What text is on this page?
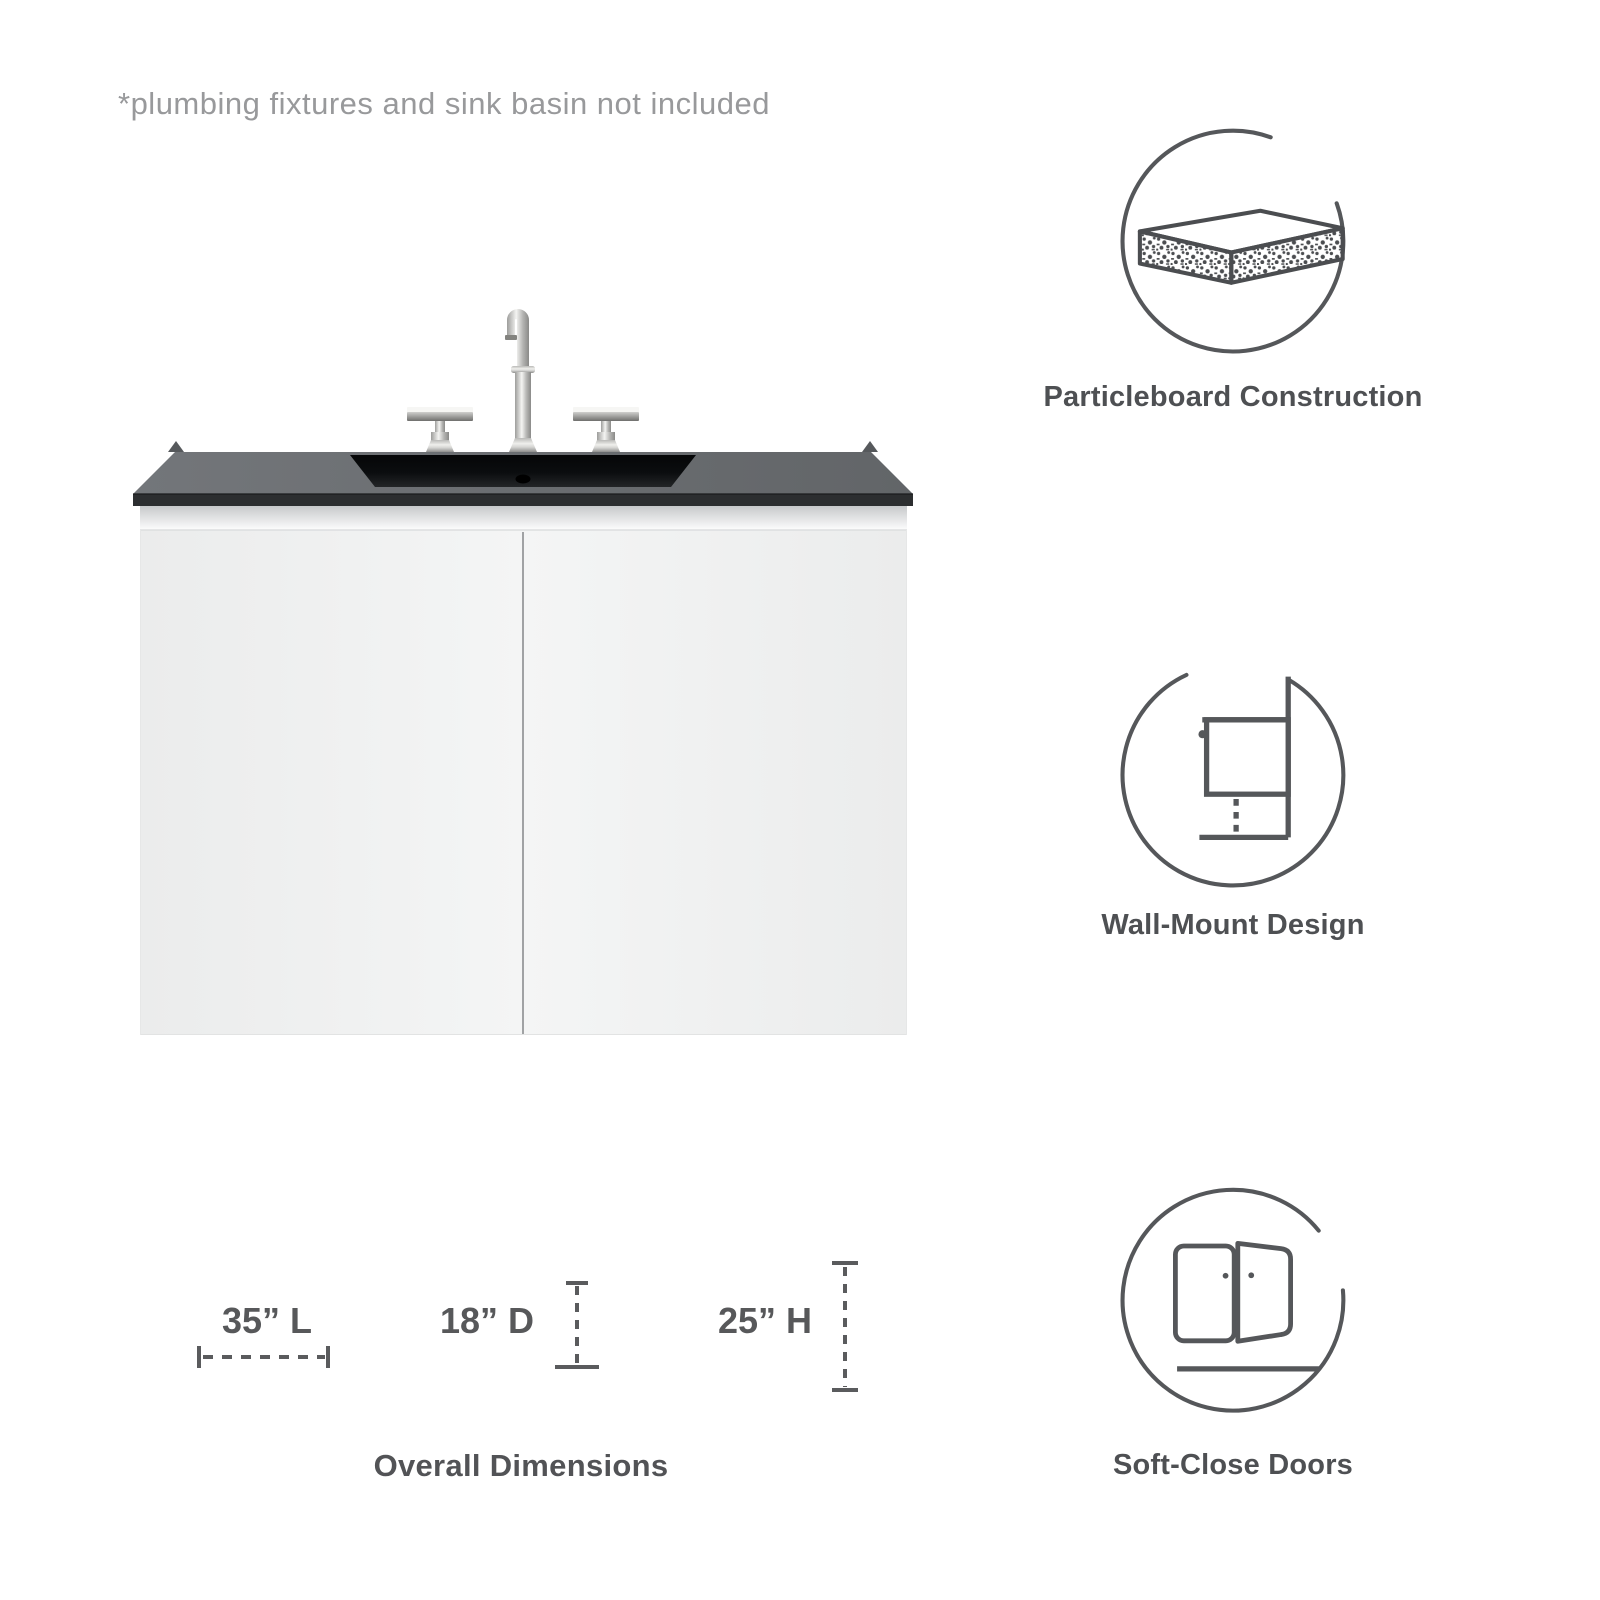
*plumbing fixtures and sink basin not included
Particleboard Construction
Wall-Mount Design
Soft-Close Doors
35” L	18” D	25” H
Overall Dimensions
